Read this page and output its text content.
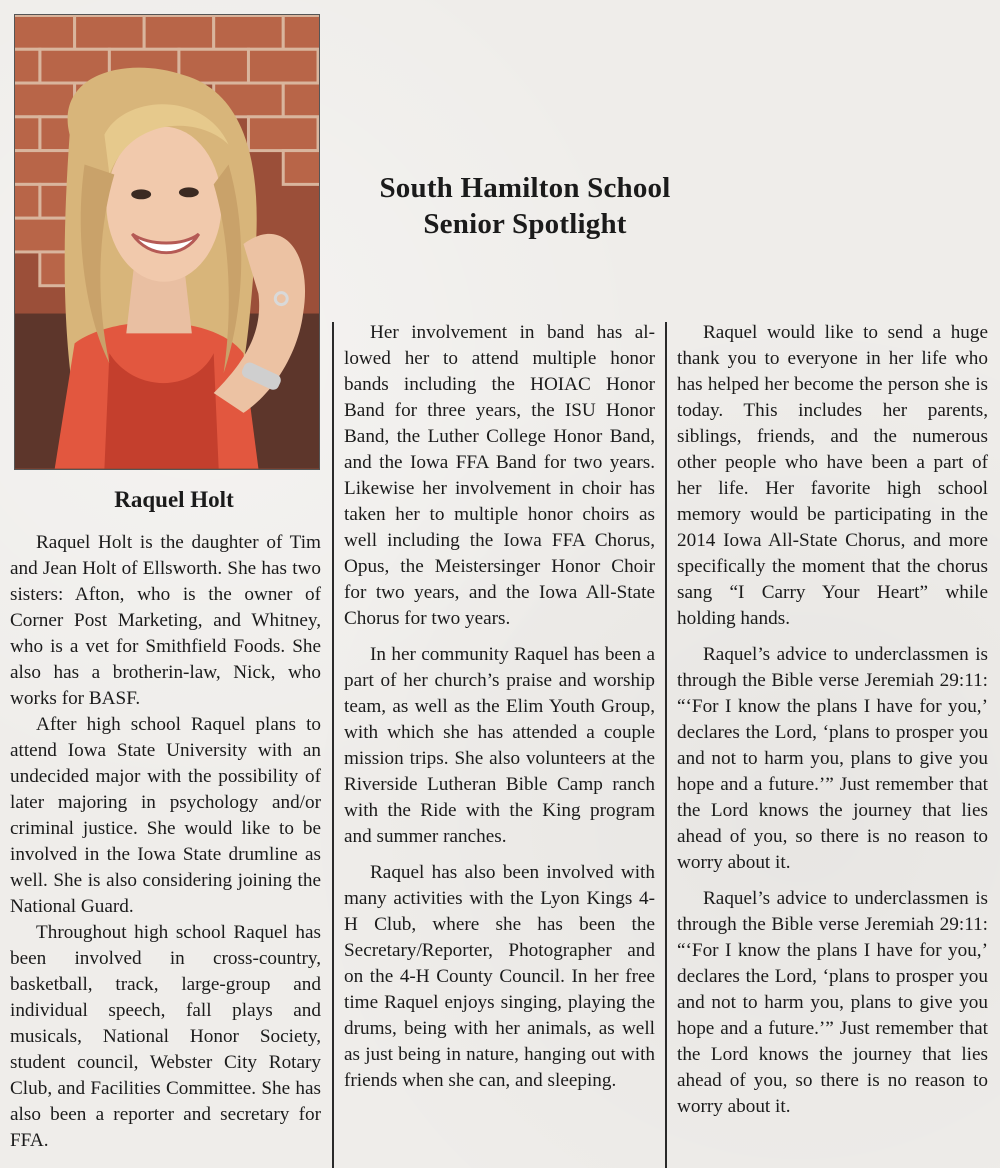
South Hamilton School
Senior Spotlight
Raquel Holt

Raquel Holt is the daughter of Tim and Jean Holt of Ellsworth. She has two sisters: Afton, who is the owner of Corner Post Marketing, and Whitney, who is a vet for Smithfield Foods. She also has a brotherin-law, Nick, who works for BASF.

After high school Raquel plans to attend Iowa State University with an undecided major with the possibility of later majoring in psychology and/or criminal justice. She would like to be involved in the Iowa State drumline as well. She is also considering joining the National Guard.

Throughout high school Raquel has been involved in cross-country, basketball, track, large-group and individual speech, fall plays and musicals, National Honor Society, student council, Webster City Rotary Club, and Facilities Committee. She has also been a reporter and secretary for FFA.

Her involvement in band has allowed her to attend multiple honor bands including the HOIAC Honor Band for three years, the ISU Honor Band, the Luther College Honor Band, and the Iowa FFA Band for two years. Likewise her involvement in choir has taken her to multiple honor choirs as well including the Iowa FFA Chorus, Opus, the Meistersinger Honor Choir for two years, and the Iowa All-State Chorus for two years.

In her community Raquel has been a part of her church’s praise and worship team, as well as the Elim Youth Group, with which she has attended a couple mission trips. She also volunteers at the Riverside Lutheran Bible Camp ranch with the Ride with the King program and summer ranches.

Raquel has also been involved with many activities with the Lyon Kings 4-H Club, where she has been the Secretary/Reporter, Photographer and on the 4-H County Council. In her free time Raquel enjoys singing, playing the drums, being with her animals, as well as just being in nature, hanging out with friends when she can, and sleeping.

Raquel would like to send a huge thank you to everyone in her life who has helped her become the person she is today. This includes her parents, siblings, friends, and the numerous other people who have been a part of her life. Her favorite high school memory would be participating in the 2014 Iowa All-State Chorus, and more specifically the moment that the chorus sang “I Carry Your Heart” while holding hands.

Raquel’s advice to underclassmen is through the Bible verse Jeremiah 29:11: “‘For I know the plans I have for you,’ declares the Lord, ‘plans to prosper you and not to harm you, plans to give you hope and a future.’” Just remember that the Lord knows the journey that lies ahead of you, so there is no reason to worry about it.

Raquel’s advice to underclassmen is through the Bible verse Jeremiah 29:11: “‘For I know the plans I have for you,’ declares the Lord, ‘plans to prosper you and not to harm you, plans to give you hope and a future.’” Just remember that the Lord knows the journey that lies ahead of you, so there is no reason to worry about it.
